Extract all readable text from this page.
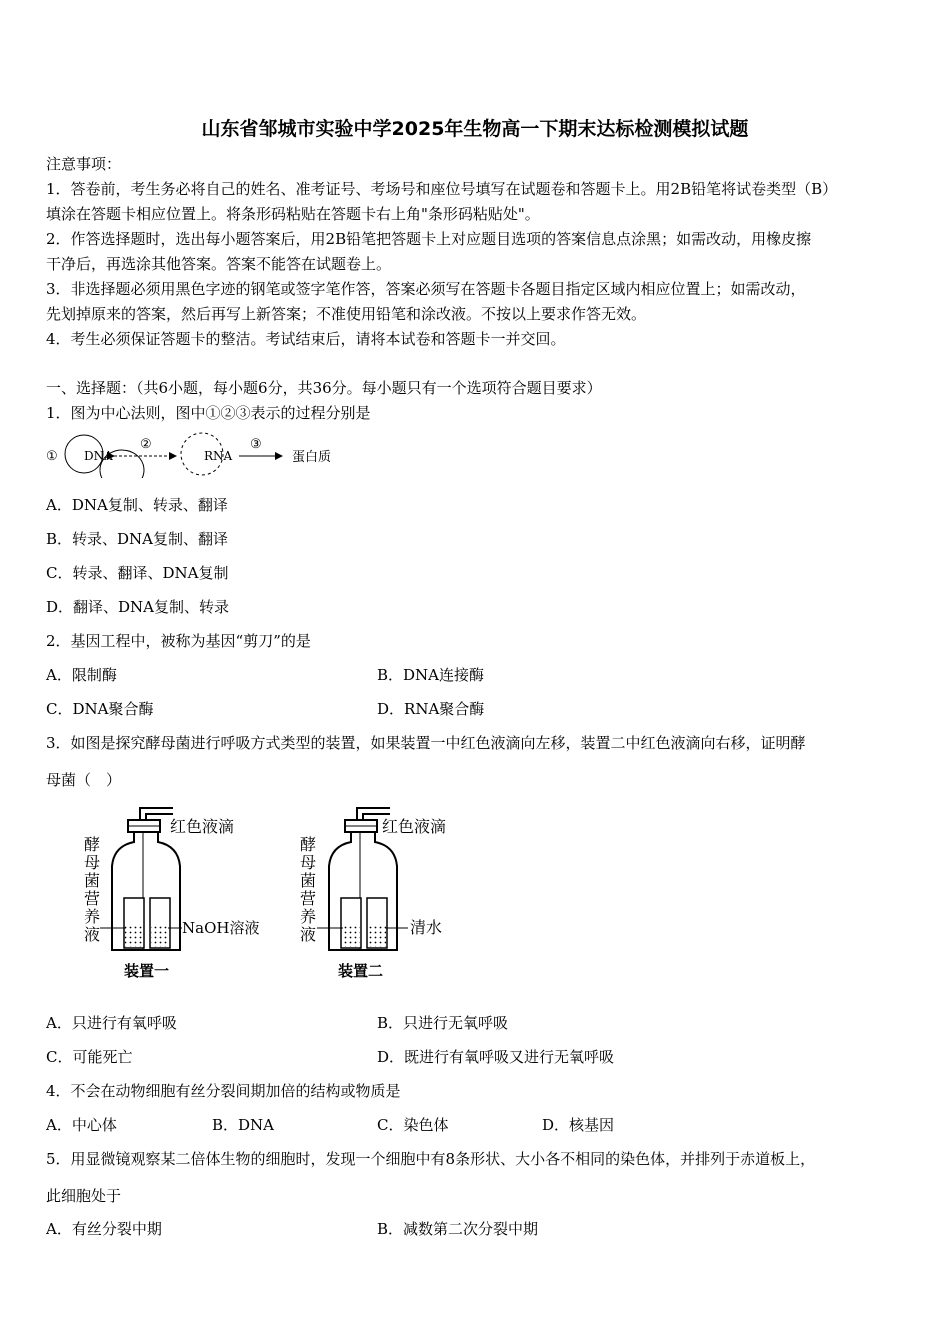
山东省邹城市实验中学2025年生物高一下期末达标检测模拟试题
注意事项：
1．答卷前，考生务必将自己的姓名、准考证号、考场号和座位号填写在试题卷和答题卡上。用2B铅笔将试卷类型（B）
填涂在答题卡相应位置上。将条形码粘贴在答题卡右上角"条形码粘贴处"。
2．作答选择题时，选出每小题答案后，用2B铅笔把答题卡上对应题目选项的答案信息点涂黑；如需改动，用橡皮擦
干净后，再选涂其他答案。答案不能答在试题卷上。
3．非选择题必须用黑色字迹的钢笔或签字笔作答，答案必须写在答题卡各题目指定区域内相应位置上；如需改动，
先划掉原来的答案，然后再写上新答案；不准使用铅笔和涂改液。不按以上要求作答无效。
4．考生必须保证答题卡的整洁。考试结束后，请将本试卷和答题卡一并交回。
一、选择题：（共6小题，每小题6分，共36分。每小题只有一个选项符合题目要求）
1．图为中心法则，图中①②③表示的过程分别是
① DNA
②
RNA
③
蛋白质
A．DNA复制、转录、翻译
B．转录、DNA复制、翻译
C．转录、翻译、DNA复制
D．翻译、DNA复制、转录
2．基因工程中，被称为基因“剪刀”的是
A．限制酶	B．DNA连接酶
C．DNA聚合酶	D．RNA聚合酶
3．如图是探究酵母菌进行呼吸方式类型的装置，如果装置一中红色液滴向左移，装置二中红色液滴向右移，证明酵
母菌（　）
红色液滴
酵
母
菌
营
养
液	NaOH溶液
装置一
红色液滴
酵
母
菌
营
养
液	清水
装置二
A．只进行有氧呼吸	B．只进行无氧呼吸
C．可能死亡	D．既进行有氧呼吸又进行无氧呼吸
4．不会在动物细胞有丝分裂间期加倍的结构或物质是
A．中心体	B．DNA	C．染色体	D．核基因
5．用显微镜观察某二倍体生物的细胞时，发现一个细胞中有8条形状、大小各不相同的染色体，并排列于赤道板上，
此细胞处于
A．有丝分裂中期	B．减数第二次分裂中期
